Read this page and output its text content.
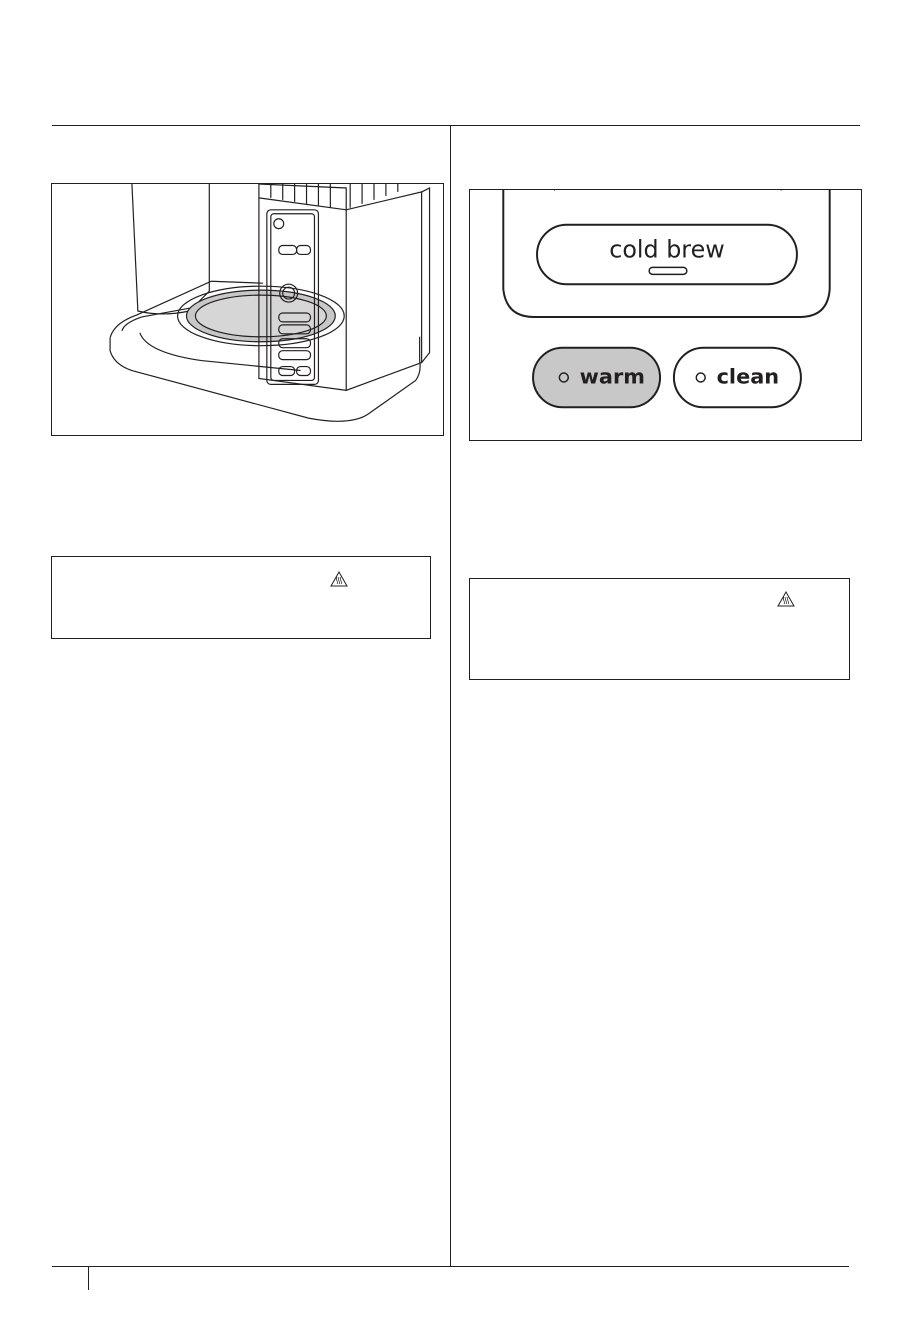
cold brew
warm	clean
